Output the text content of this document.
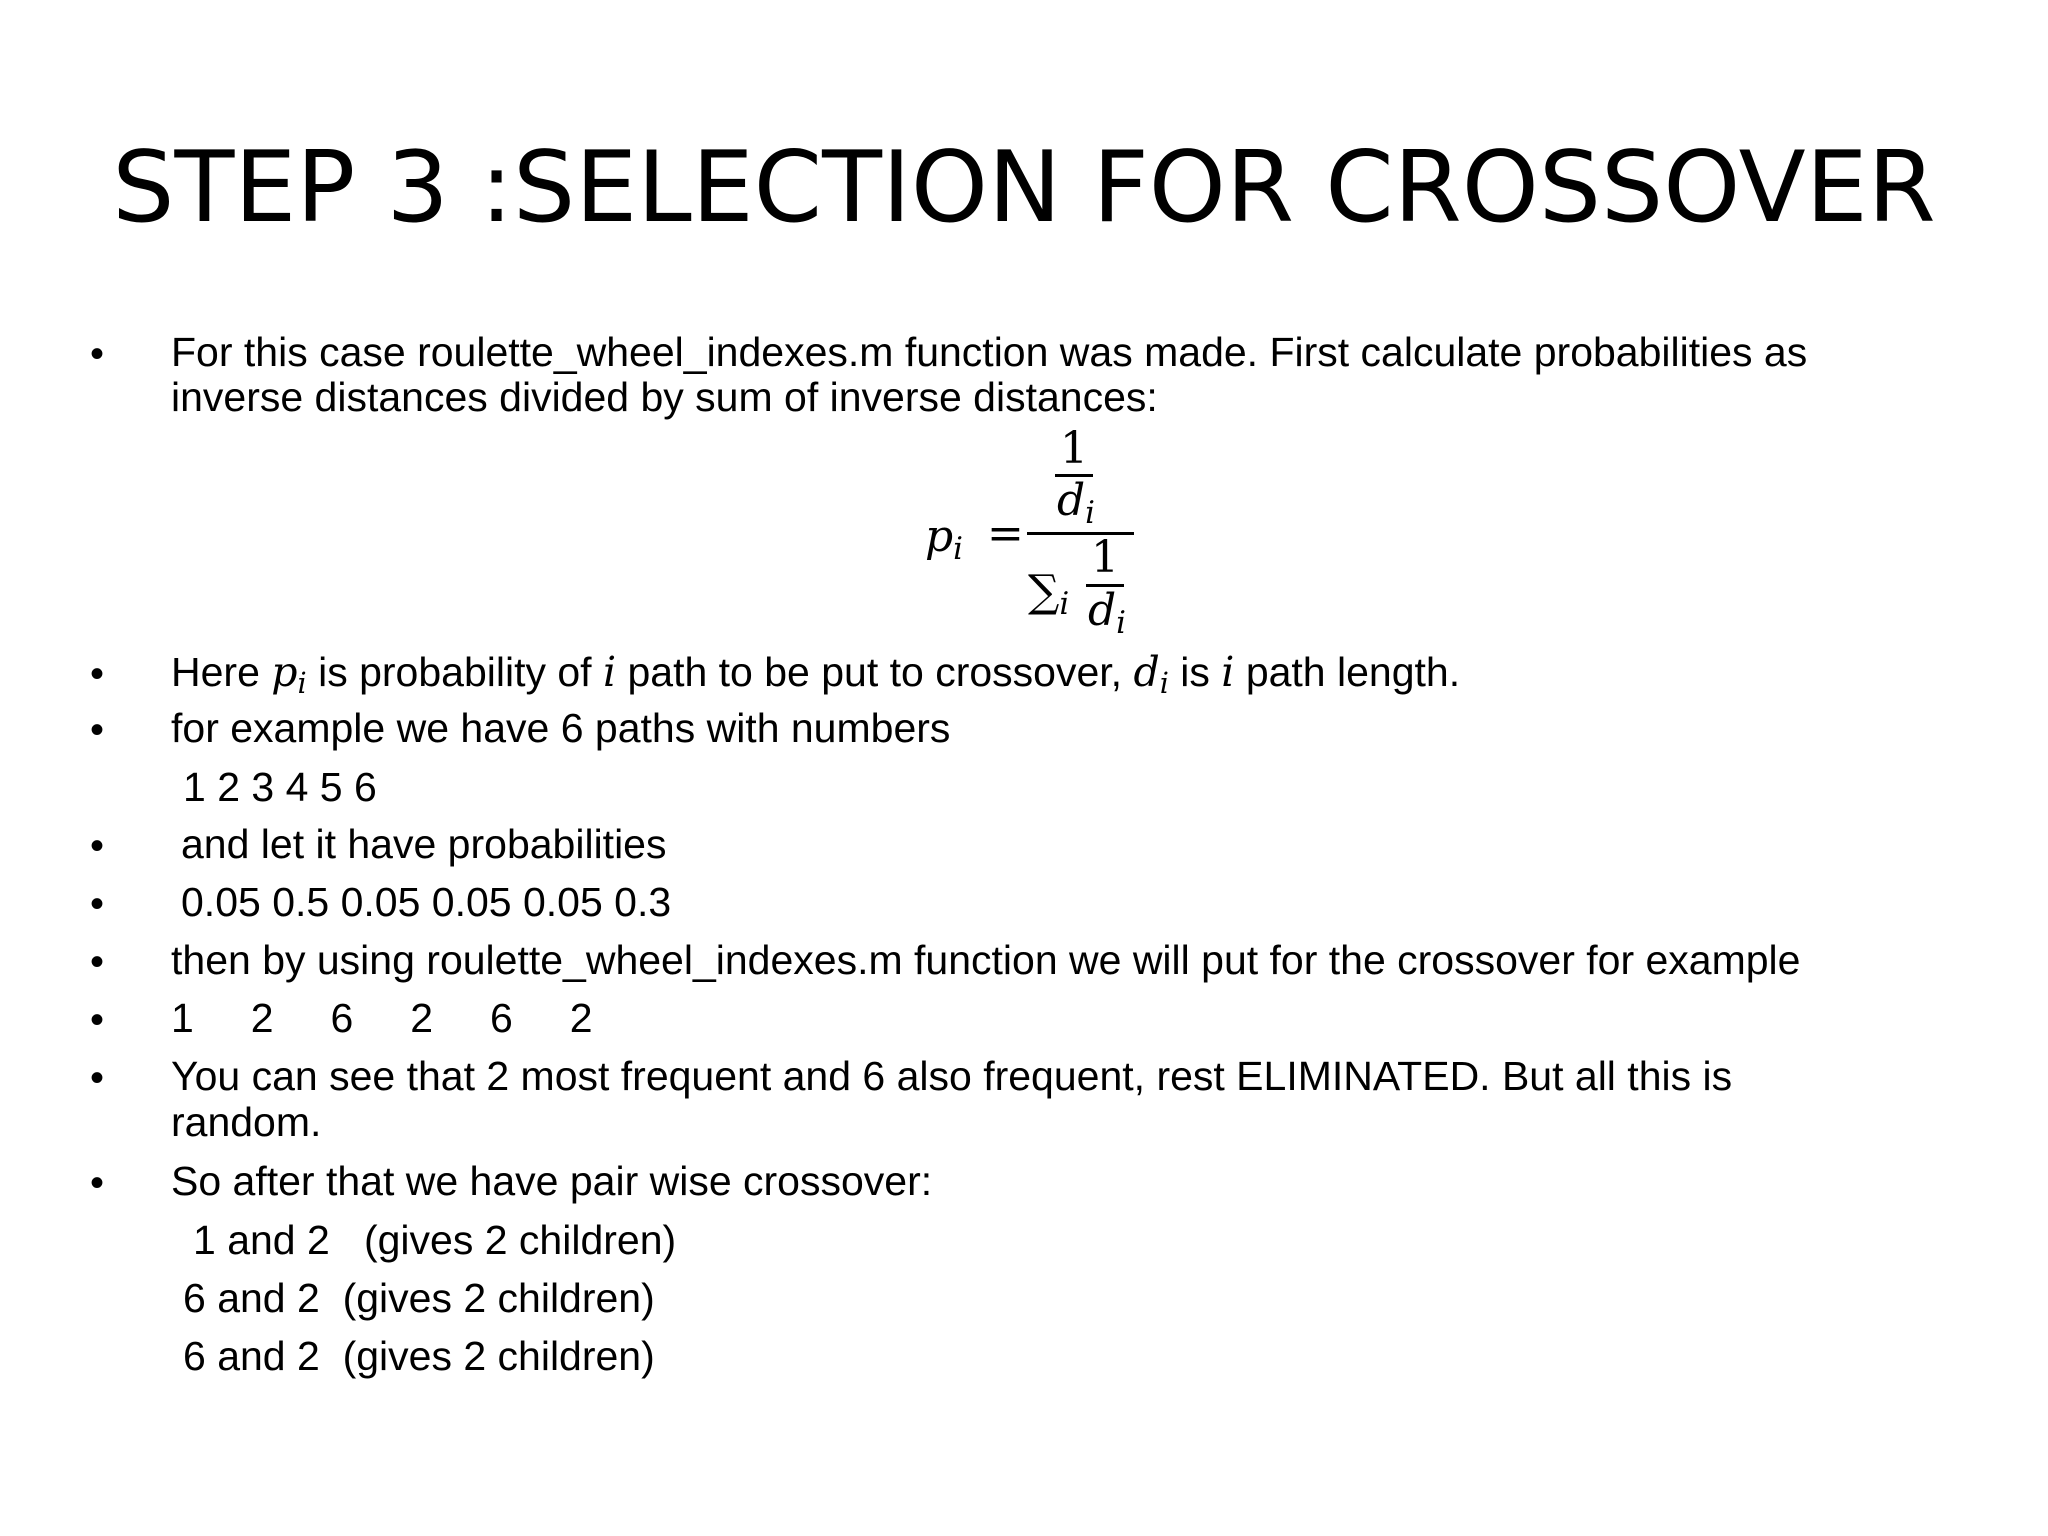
STEP 3 :SELECTION FOR CROSSOVER
• For this case roulette_wheel_indexes.m function was made. First calculate probabilities as
inverse distances divided by sum of inverse distances:
pi =
1
di
∑i
1
di
• Here pi is probability of i path to be put to crossover, di is i path length.
• for example we have 6 paths with numbers
1 2 3 4 5 6
• and let it have probabilities
• 0.05 0.5 0.05 0.05 0.05 0.3
• then by using roulette_wheel_indexes.m function we will put for the crossover for example
• 1     2     6     2     6     2
• You can see that 2 most frequent and 6 also frequent, rest ELIMINATED. But all this is
random.
• So after that we have pair wise crossover:
1 and 2   (gives 2 children)
6 and 2  (gives 2 children)
6 and 2  (gives 2 children)
